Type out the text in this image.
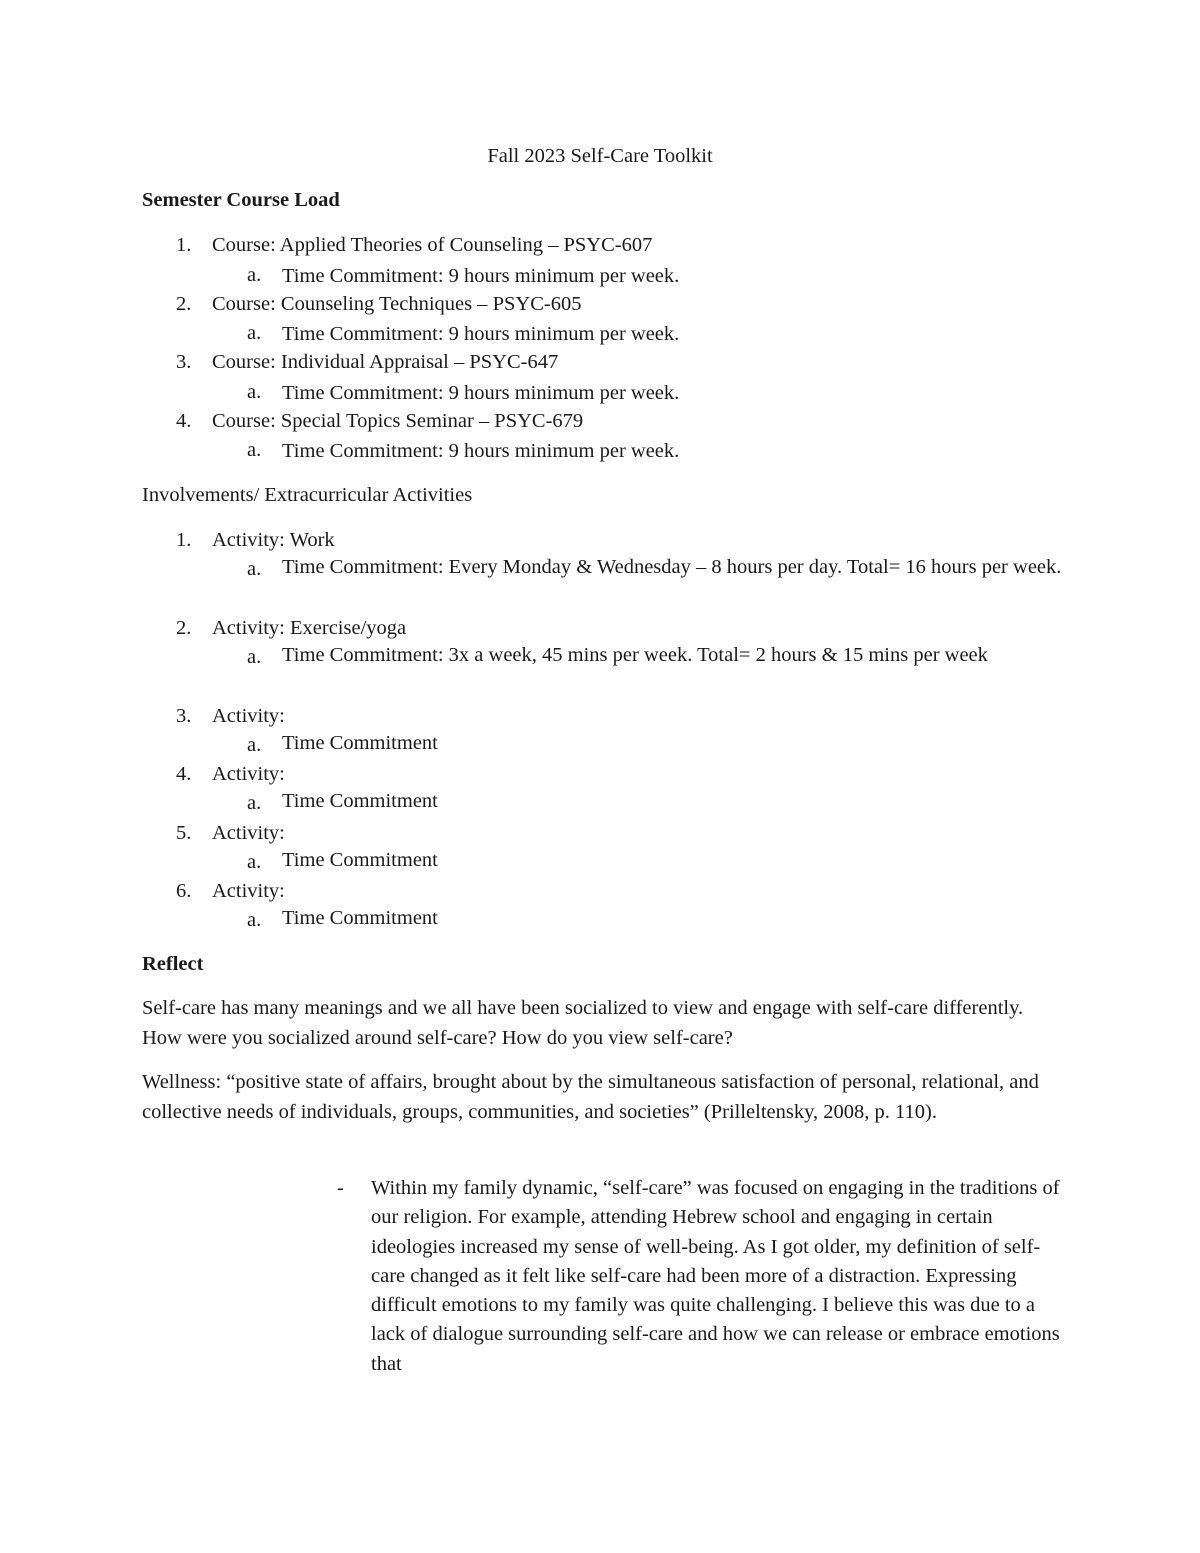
Fall 2023 Self-Care Toolkit
Semester Course Load
1. Course: Applied Theories of Counseling – PSYC-607
a. Time Commitment: 9 hours minimum per week.
2. Course: Counseling Techniques – PSYC-605
a. Time Commitment: 9 hours minimum per week.
3. Course: Individual Appraisal – PSYC-647
a. Time Commitment: 9 hours minimum per week.
4. Course: Special Topics Seminar – PSYC-679
a. Time Commitment: 9 hours minimum per week.
Involvements/ Extracurricular Activities
1. Activity: Work
a. Time Commitment: Every Monday & Wednesday – 8 hours per day. Total= 16 hours per week.
2. Activity: Exercise/yoga
a. Time Commitment: 3x a week, 45 mins per week. Total= 2 hours & 15 mins per week
3. Activity:
a. Time Commitment
4. Activity:
a. Time Commitment
5. Activity:
a. Time Commitment
6. Activity:
a. Time Commitment
Reflect
Self-care has many meanings and we all have been socialized to view and engage with self-care differently. How were you socialized around self-care? How do you view self-care?
Wellness: “positive state of affairs, brought about by the simultaneous satisfaction of personal, relational, and collective needs of individuals, groups, communities, and societies” (Prilleltensky, 2008, p. 110).
- Within my family dynamic, “self-care” was focused on engaging in the traditions of our religion. For example, attending Hebrew school and engaging in certain ideologies increased my sense of well-being. As I got older, my definition of self-care changed as it felt like self-care had been more of a distraction. Expressing difficult emotions to my family was quite challenging. I believe this was due to a lack of dialogue surrounding self-care and how we can release or embrace emotions that
